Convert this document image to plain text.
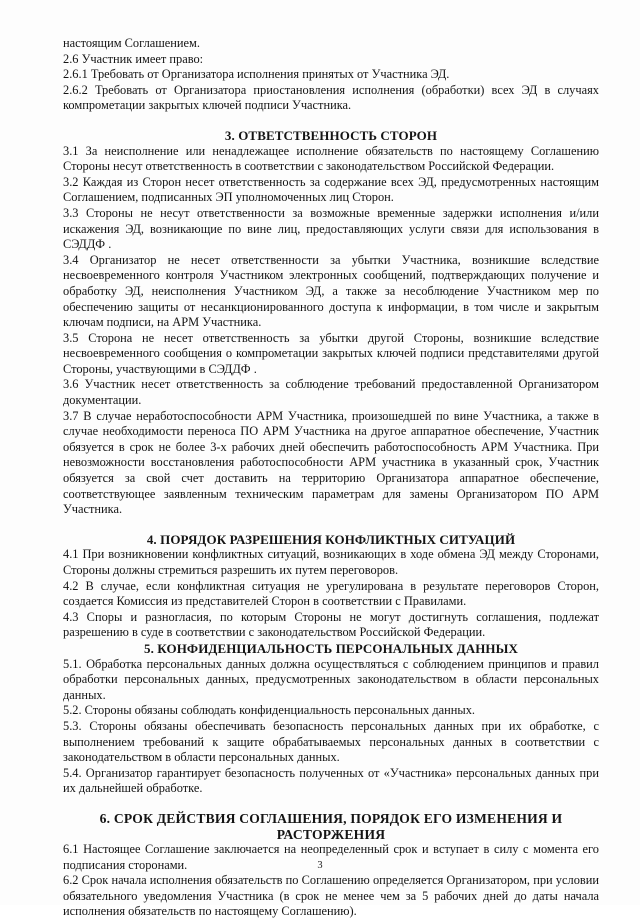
настоящим Соглашением.

2.6 Участник имеет право:

2.6.1 Требовать от Организатора исполнения принятых от Участника ЭД.

2.6.2 Требовать от Организатора приостановления исполнения (обработки) всех ЭД в случаях компрометации закрытых ключей подписи Участника.

3. ОТВЕТСТВЕННОСТЬ СТОРОН

3.1 За неисполнение или ненадлежащее исполнение обязательств по настоящему Соглашению Стороны несут ответственность в соответствии с законодательством Российской Федерации.

3.2 Каждая из Сторон несет ответственность за содержание всех ЭД, предусмотренных настоящим Соглашением, подписанных ЭП уполномоченных лиц Сторон.

3.3 Стороны не несут ответственности за возможные временные задержки исполнения и/или искажения ЭД, возникающие по вине лиц, предоставляющих услуги связи для использования в СЭДДФ .

3.4 Организатор не несет ответственности за убытки Участника, возникшие вследствие несвоевременного контроля Участником электронных сообщений, подтверждающих получение и обработку ЭД, неисполнения Участником ЭД, а также за несоблюдение Участником мер по обеспечению защиты от несанкционированного доступа к информации, в том числе и закрытым ключам подписи, на АРМ Участника.

3.5 Сторона не несет ответственность за убытки другой Стороны, возникшие вследствие несвоевременного сообщения о компрометации закрытых ключей подписи представителями другой Стороны, участвующими в СЭДДФ .

3.6 Участник несет ответственность за соблюдение требований предоставленной Организатором документации.

3.7 В случае неработоспособности АРМ Участника, произошедшей по вине Участника, а также в случае необходимости переноса ПО АРМ Участника на другое аппаратное обеспечение, Участник обязуется в срок не более 3-х рабочих дней обеспечить работоспособность АРМ Участника. При невозможности восстановления работоспособности АРМ участника в указанный срок, Участник обязуется за свой счет доставить на территорию Организатора аппаратное обеспечение, соответствующее заявленным техническим параметрам для замены Организатором ПО АРМ Участника.

4. ПОРЯДОК РАЗРЕШЕНИЯ КОНФЛИКТНЫХ СИТУАЦИЙ

4.1 При возникновении конфликтных ситуаций, возникающих в ходе обмена ЭД между Сторонами, Стороны должны стремиться разрешить их путем переговоров.

4.2 В случае, если конфликтная ситуация не урегулирована в результате переговоров Сторон, создается Комиссия из представителей Сторон в соответствии с Правилами.

4.3 Споры и разногласия, по которым Стороны не могут достигнуть соглашения, подлежат разрешению в суде в соответствии с законодательством Российской Федерации.

5. КОНФИДЕНЦИАЛЬНОСТЬ ПЕРСОНАЛЬНЫХ ДАННЫХ

5.1. Обработка персональных данных должна осуществляться с соблюдением принципов и правил обработки персональных данных, предусмотренных законодательством в области персональных данных.

5.2. Стороны обязаны соблюдать конфиденциальность персональных данных.

5.3. Стороны обязаны обеспечивать безопасность персональных данных при их обработке, с выполнением требований к защите обрабатываемых персональных данных в соответствии с законодательством в области персональных данных.

5.4. Организатор гарантирует безопасность полученных от «Участника» персональных данных при их дальнейшей обработке.

6. СРОК ДЕЙСТВИЯ СОГЛАШЕНИЯ, ПОРЯДОК ЕГО ИЗМЕНЕНИЯ И РАСТОРЖЕНИЯ

6.1 Настоящее Соглашение заключается на неопределенный срок и вступает в силу с момента его подписания сторонами.

6.2 Срок начала исполнения обязательств по Соглашению определяется Организатором, при условии обязательного уведомления Участника (в срок не менее чем за 5 рабочих дней до даты начала исполнения обязательств по настоящему Соглашению).

3
